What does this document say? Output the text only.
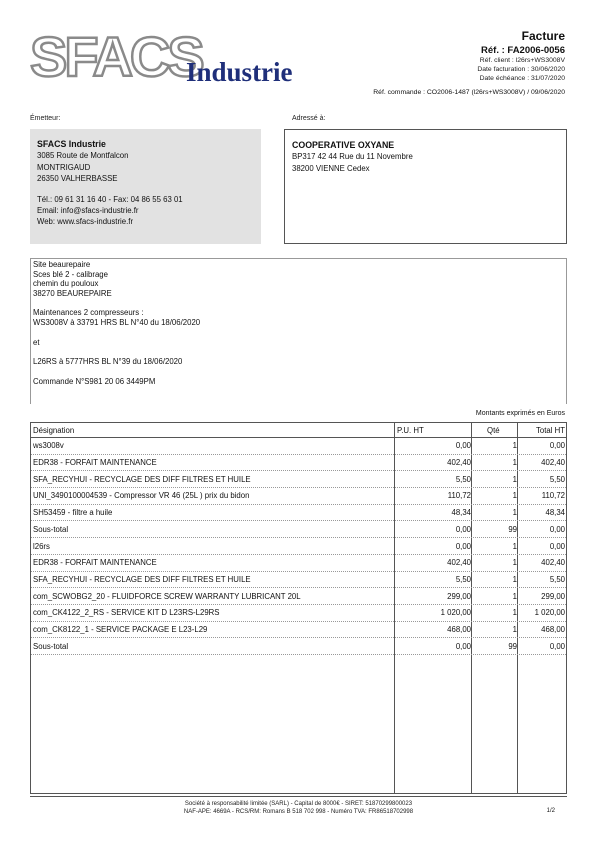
SFACS
Industrie
Facture
Réf. : FA2006-0056
Réf. client : l26rs+WS3008V
Date facturation : 30/06/2020
Date échéance : 31/07/2020
Réf. commande : CO2006-1487 (l26rs+WS3008V) / 09/06/2020
Émetteur:	Adressé à:
SFACS Industrie
3085 Route de Montfalcon
MONTRIGAUD
26350 VALHERBASSE
Tél.: 09 61 31 16 40 - Fax: 04 86 55 63 01
Email: info@sfacs-industrie.fr
Web: www.sfacs-industrie.fr
COOPERATIVE OXYANE
BP317 42 44 Rue du 11 Novembre
38200 VIENNE Cedex
Site beaurepaire
Sces blé 2 - calibrage
chemin du pouloux
38270 BEAUREPAIRE
Maintenances 2 compresseurs :
WS3008V à 33791 HRS BL N°40 du 18/06/2020
et
L26RS à 5777HRS BL N°39 du 18/06/2020
Commande N°S981 20 06 3449PM
Montants exprimés en Euros
Désignation	P.U. HT	Qté	Total HT
ws3008v	0,00	1	0,00
EDR38 - FORFAIT MAINTENANCE	402,40	1	402,40
SFA_RECYHUI - RECYCLAGE DES DIFF FILTRES ET HUILE	5,50	1	5,50
UNI_3490100004539 - Compressor VR 46 (25L ) prix du bidon	110,72	1	110,72
SH53459 - filtre a huile	48,34	1	48,34
Sous-total	0,00	99	0,00
l26rs	0,00	1	0,00
EDR38 - FORFAIT MAINTENANCE	402,40	1	402,40
SFA_RECYHUI - RECYCLAGE DES DIFF FILTRES ET HUILE	5,50	1	5,50
com_SCWOBG2_20 - FLUIDFORCE SCREW WARRANTY LUBRICANT 20L	299,00	1	299,00
com_CK4122_2_RS - SERVICE KIT D L23RS-L29RS	1 020,00	1	1 020,00
com_CK8122_1 - SERVICE PACKAGE E L23-L29	468,00	1	468,00
Sous-total	0,00	99	0,00
Société à responsabilité limitée (SARL) - Capital de 8000€ - SIRET: 51870299800023
NAF-APE: 4669A - RCS/RM: Romans B 518 702 998 - Numéro TVA: FR86518702998	1/2
